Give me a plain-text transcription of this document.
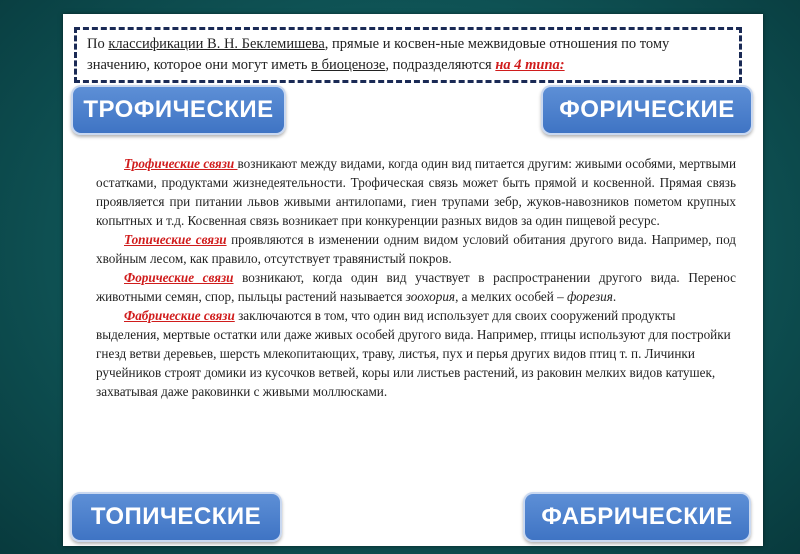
По классификации В. Н. Беклемишева, прямые и косвен-ные межвидовые отношения по тому значению, которое они могут иметь в биоценозе, подразделяются на 4 типа:
ТРОФИЧЕСКИЕ	ФОРИЧЕСКИЕ

Трофические связи возникают между видами, когда один вид питается другим: живыми особями, мертвыми остатками, продуктами жизнедеятельности. Трофическая связь может быть прямой и косвенной. Прямая связь проявляется при питании львов живыми антилопами, гиен трупами зебр, жуков-навозников пометом крупных копытных и т.д. Косвенная связь возникает при конкуренции разных видов за один пищевой ресурс.

Топические связи проявляются в изменении одним видом условий обитания другого вида. Например, под хвойным лесом, как правило, отсутствует травянистый покров.

Форические связи возникают, когда один вид участвует в распространении другого вида. Перенос животными семян, спор, пыльцы растений называется зоохория, а мелких особей – форезия.

Фабрические связи заключаются в том, что один вид использует для своих сооружений продукты выделения, мертвые остатки или даже живых особей другого вида. Например, птицы используют для постройки гнезд ветви деревьев, шерсть млекопитающих, траву, листья, пух и перья других видов птиц т. п. Личинки ручейников строят домики из кусочков ветвей, коры или листьев растений, из раковин мелких видов катушек, захватывая даже раковинки с живыми моллюсками.

ТОПИЧЕСКИЕ	ФАБРИЧЕСКИЕ
